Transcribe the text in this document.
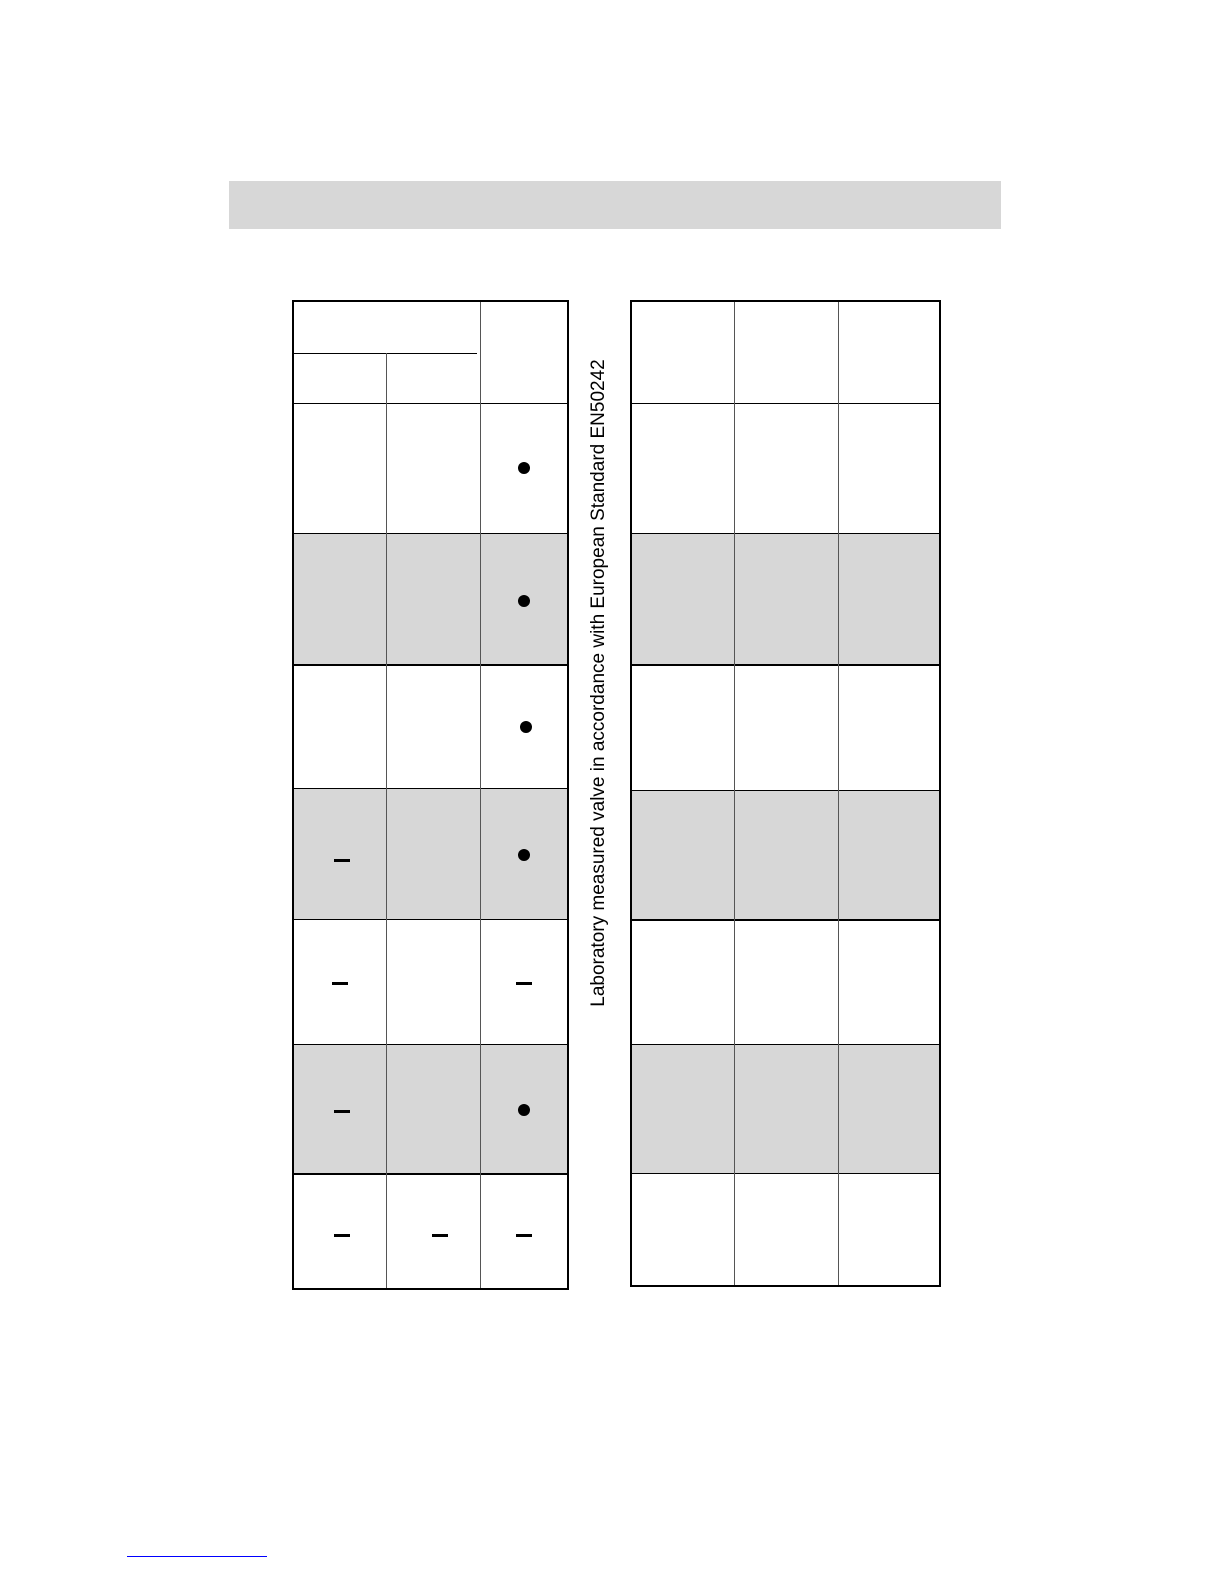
Laboratory measured valve in accordance with European Standard EN50242
